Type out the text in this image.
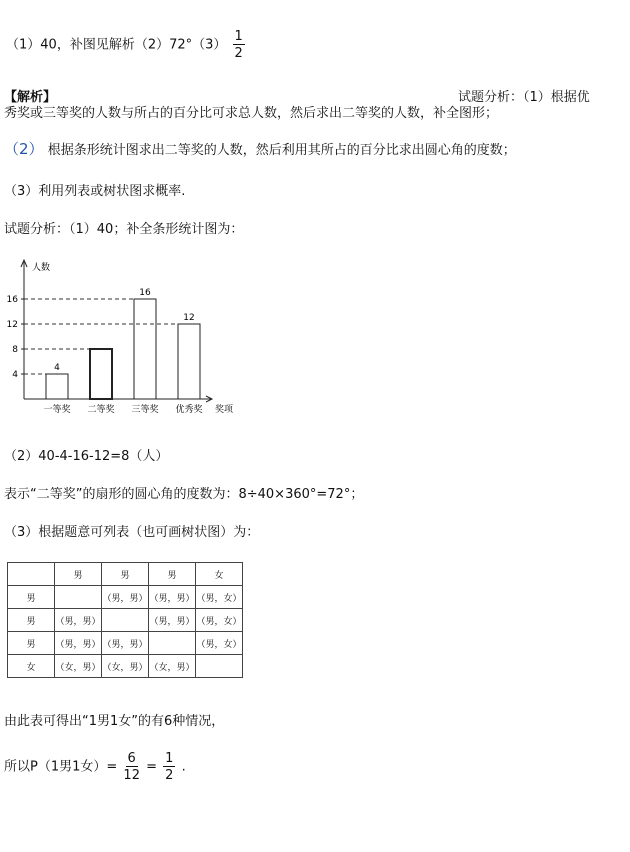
（1）40，补图见解析$(2)72^\circ(3) \frac{1}{2}$
【解析】	试题分析：（1）根据优
秀奖或三等奖的人数与所占的百分比可求总人数，然后求出二等奖的人数，补全图形；
（2） 根据条形统计图求出二等奖的人数，然后利用其所占的百分比求出圆心角的度数；
（3）利用列表或树状图求概率.
试题分析：（1）40；补全条形统计图为：
人数
奖项
4
8
12
16
4
一等奖 二等奖
16
三等奖
12
优秀奖
（2）40-4-16-12=8（人）
表示“二等奖”的扇形的圆心角的度数为：8÷40×360°=72°；
（3）根据题意可列表（也可画树状图）为：
	男	男	男	女
男		（男，男）	（男，男）	（男，女）
男	（男，男）		（男，男）	（男，女）
男	（男，男）	（男，男）		（男，女）
女	（女，男）	（女，男）	（女，男）	
由此表可得出“1男1女”的有6种情况，
所以P（1男1女）= $\frac{6}{12} = \frac{1}{2}$ .
